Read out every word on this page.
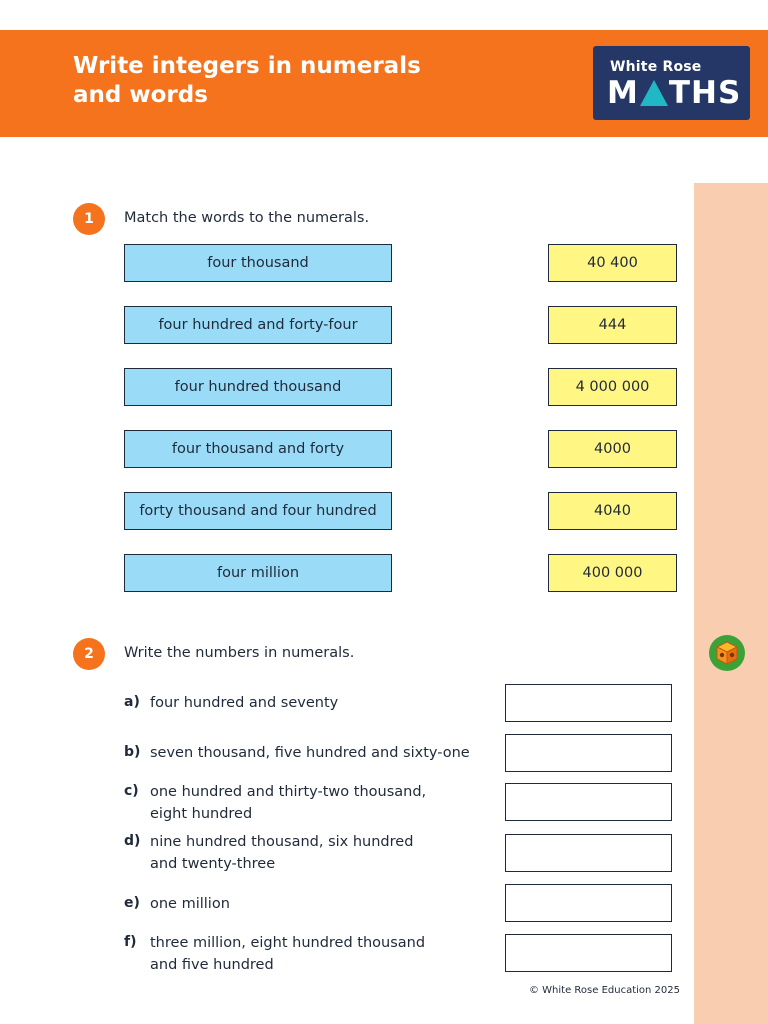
Write integers in numerals
and words
White Rose
M THS
1	Match the words to the numerals.
four thousand
four hundred and forty-four
four hundred thousand
four thousand and forty
forty thousand and four hundred
four million
40 400
444
4 000 000
4000
4040
400 000
2	Write the numbers in numerals.
a) four hundred and seventy
b) seven thousand, five hundred and sixty-one
c) one hundred and thirty-two thousand,
eight hundred
d) nine hundred thousand, six hundred
and twenty-three
e) one million
f) three million, eight hundred thousand
and five hundred
© White Rose Education 2025
